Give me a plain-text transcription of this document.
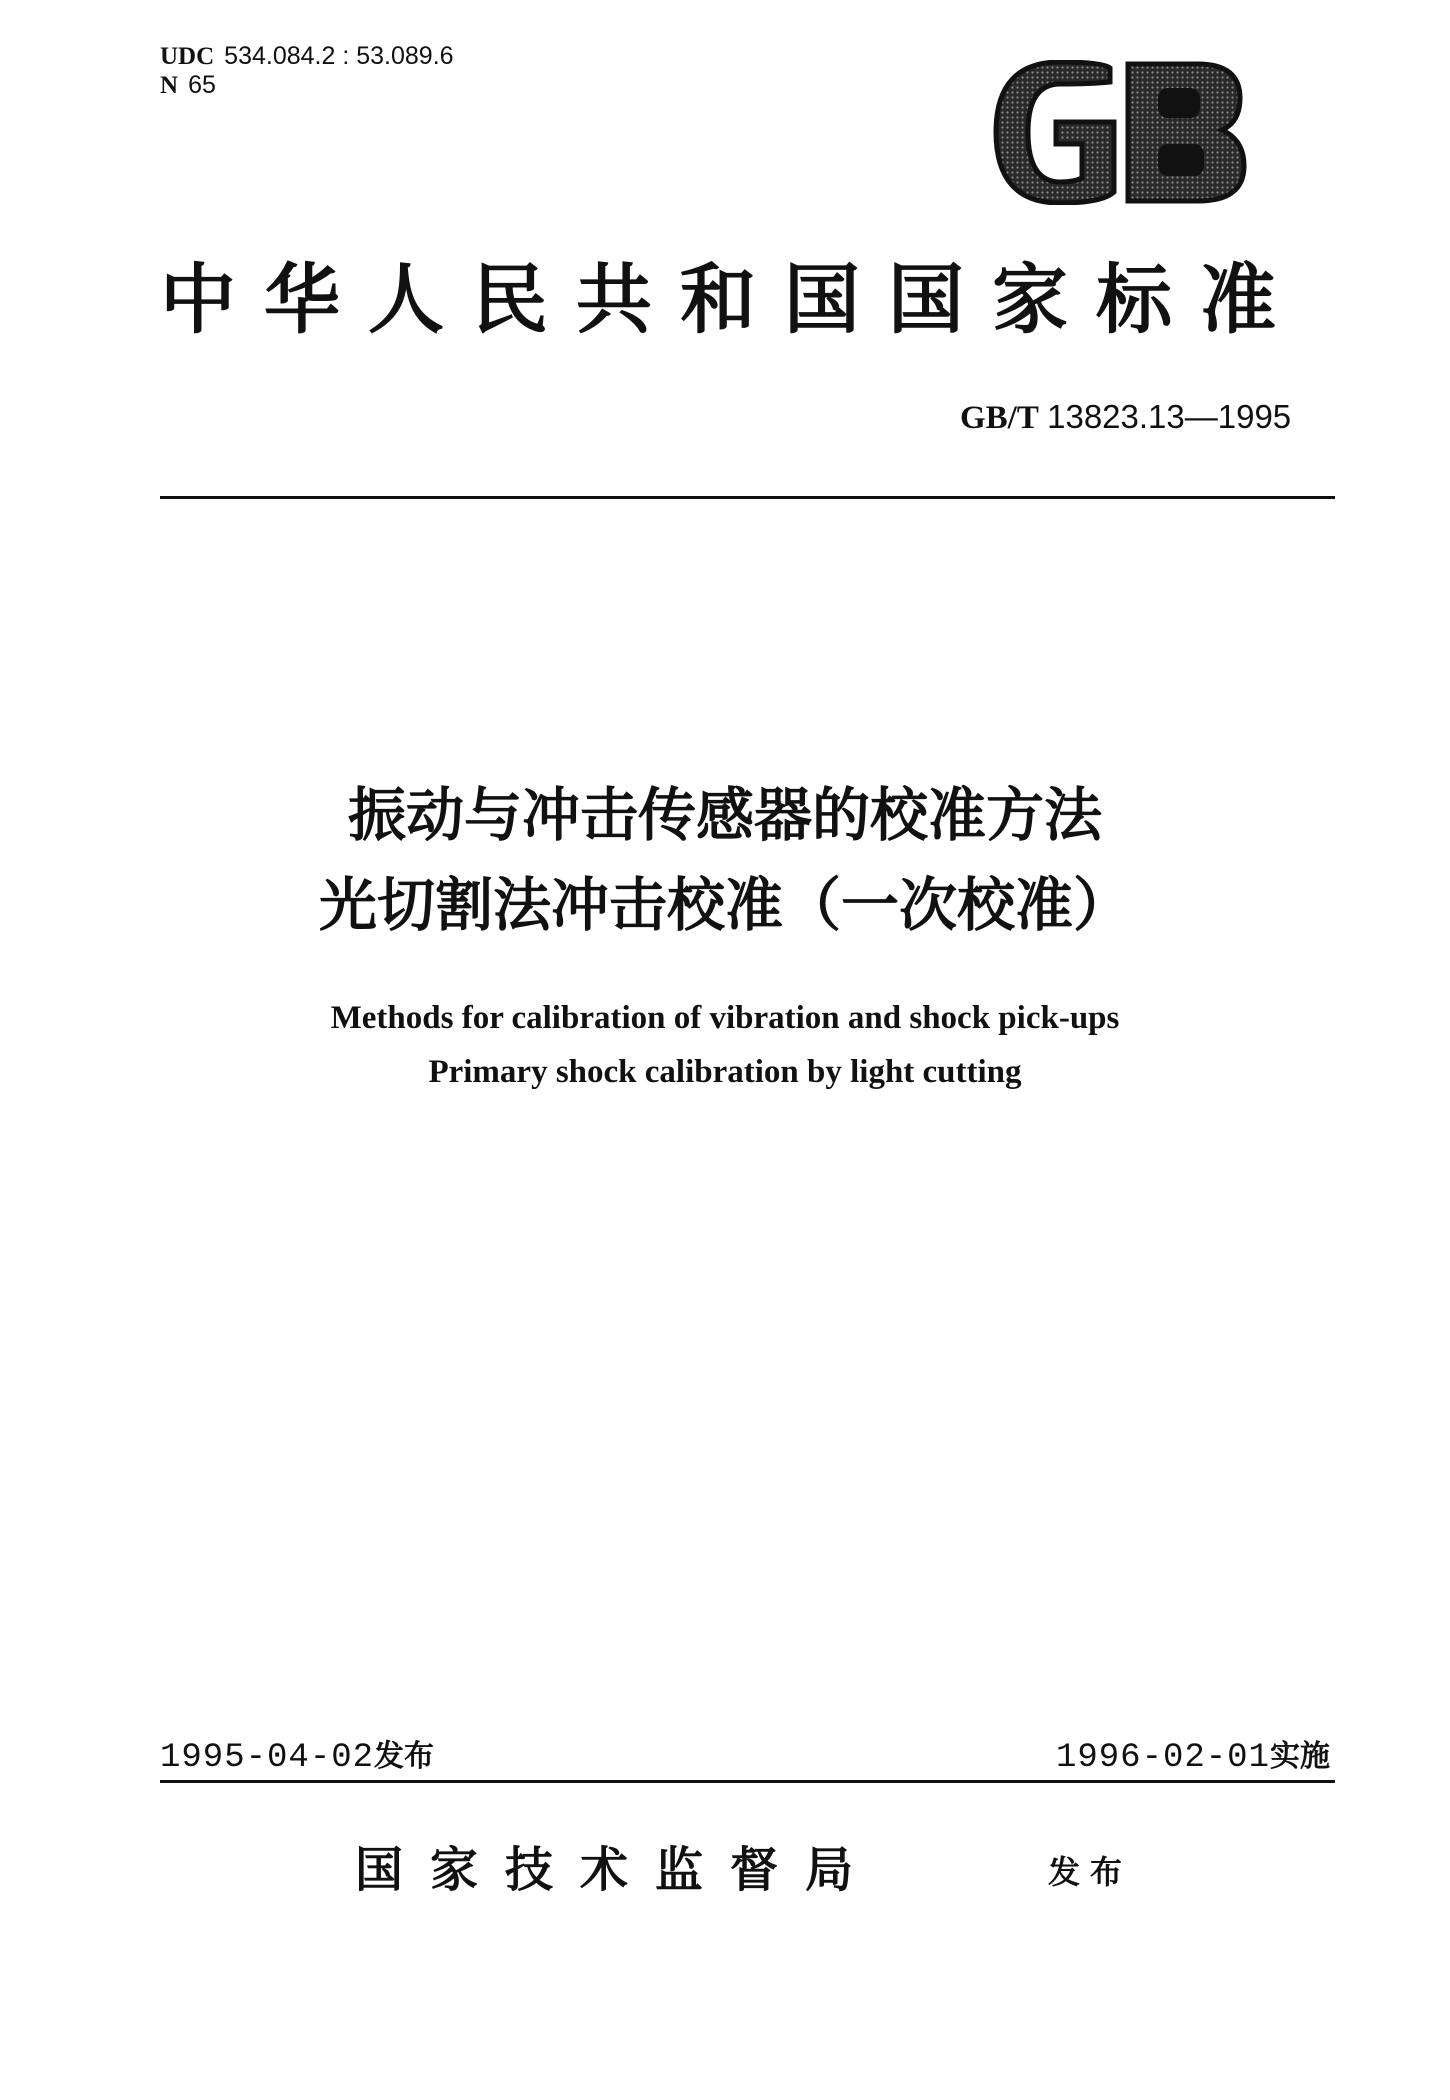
UDC 534.084.2 : 53.089.6
N 65
中华人民共和国国家标准
GB/T 13823.13—1995
振动与冲击传感器的校准方法
光切割法冲击校准（一次校准）
Methods for calibration of vibration and shock pick-ups
Primary shock calibration by light cutting
1995-04-02发布	1996-02-01实施
国家技术监督局	发布
